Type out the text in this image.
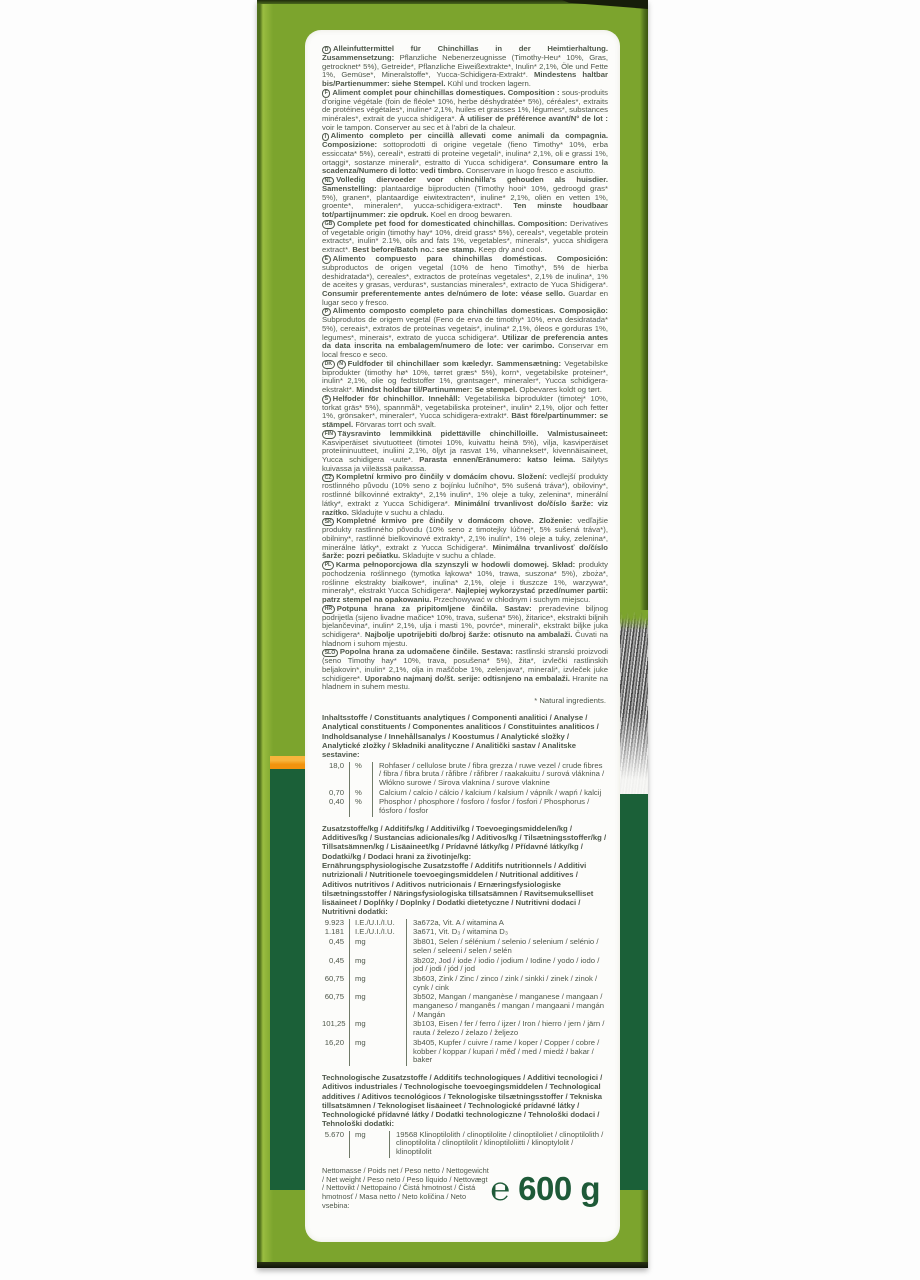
D Alleinfuttermittel für Chinchillas in der Heimtierhaltung. Zusammensetzung: Pflanzliche Nebenerzeugnisse (Timothy-Heu* 10%, Gras, getrocknet* 5%), Getreide*, Pflanzliche Eiweißextrakte*, Inulin* 2,1%, Öle und Fette 1%, Gemüse*, Mineralstoffe*, Yucca-Schidigera-Extrakt*. Mindestens haltbar bis/Partienummer: siehe Stempel. Kühl und trocken lagern.
F Aliment complet pour chinchillas domestiques. Composition : sous-produits d'origine végétale (foin de fléole* 10%, herbe déshydratée* 5%), céréales*, extraits de protéines végétales*, inuline* 2,1%, huiles et graisses 1%, légumes*, substances minérales*, extrait de yucca shidigera*. À utiliser de préférence avant/N° de lot : voir le tampon. Conserver au sec et à l'abri de la chaleur.
I Alimento completo per cincillà allevati come animali da compagnia. Composizione: sottoprodotti di origine vegetale (fieno Timothy* 10%, erba essiccata* 5%), cereali*, estratti di proteine vegetali*, inulina* 2,1%, oli e grassi 1%, ortaggi*, sostanze minerali*, estratto di Yucca schidigera*. Consumare entro la scadenza/Numero di lotto: vedi timbro. Conservare in luogo fresco e asciutto.
NL Volledig diervoeder voor chinchilla's gehouden als huisdier. Samenstelling: plantaardige bijproducten (Timothy hooi* 10%, gedroogd gras* 5%), granen*, plantaardige eiwitextracten*, inuline* 2,1%, oliën en vetten 1%, groente*, mineralen*, yucca-schidigera-extract*. Ten minste houdbaar tot/partijnummer: zie opdruk. Koel en droog bewaren.
GB Complete pet food for domesticated chinchillas. Composition: Derivatives of vegetable origin (timothy hay* 10%, dreid grass* 5%), cereals*, vegetable protein extracts*, inulin* 2.1%, oils and fats 1%, vegetables*, minerals*, yucca shidigera extract*. Best before/Batch no.: see stamp. Keep dry and cool.
E Alimento compuesto para chinchillas domésticas. Composición: subproductos de origen vegetal (10% de heno Timothy*, 5% de hierba deshidratada*), cereales*, extractos de proteínas vegetales*, 2,1% de inulina*, 1% de aceites y grasas, verduras*, sustancias minerales*, extracto de Yuca Shidigera*. Consumir preferentemente antes de/número de lote: véase sello. Guardar en lugar seco y fresco.
P Alimento composto completo para chinchillas domesticas. Composição: Subprodutos de origem vegetal (Feno de erva de timothy* 10%, erva desidratada* 5%), cereais*, extratos de proteínas vegetais*, inulina* 2,1%, óleos e gorduras 1%, legumes*, minerais*, extrato de yucca schidigera*. Utilizar de preferencia antes da data inscrita na embalagem/numero de lote: ver carimbo. Conservar em local fresco e seco.
DK N Fuldfoder til chinchillaer som kæledyr. Sammensætning: Vegetabilske biprodukter (timothy hø* 10%, tørret græs* 5%), korn*, vegetabilske proteiner*, inulin* 2,1%, olie og fedtstoffer 1%, grøntsager*, mineraler*, Yucca schidigera-ekstrakt*. Mindst holdbar til/Partinummer: Se stempel. Opbevares koldt og tørt.
S Helfoder för chinchillor. Innehåll: Vegetabiliska biprodukter (timotej* 10%, torkat gräs* 5%), spannmål*, vegetabiliska proteiner*, inulin* 2,1%, oljor och fetter 1%, grönsaker*, mineraler*, Yucca schidigera-extrakt*. Bäst före/partinummer: se stämpel. Förvaras torrt och svalt.
FIN Täysravinto lemmikkinä pidettäville chinchilloille. Valmistusaineet: Kasviperäiset sivutuotteet (timotei 10%, kuivattu heinä 5%), vilja, kasviperäiset proteiininuutteet, inuliini 2,1%, öljyt ja rasvat 1%, vihannekset*, kivennäisaineet, Yucca schidigera -uute*. Parasta ennen/Eränumero: katso leima. Säilytys kuivassa ja viileässä paikassa.
CZ Kompletní krmivo pro činčily v domácím chovu. Složení: vedlejší produkty rostlinného původu (10% seno z bojínku lučního*, 5% sušená tráva*), obiloviny*, rostlinné bílkovinné extrakty*, 2,1% inulin*, 1% oleje a tuky, zelenina*, minerální látky*, extrakt z Yucca Schidigera*. Minimální trvanlivost do/číslo šarže: viz razítko. Skladujte v suchu a chladu.
SK Kompletné krmivo pre činčily v domácom chove. Zloženie: vedľajšie produkty rastlinného pôvodu (10% seno z timotejky lúčnej*, 5% sušená tráva*), obilniny*, rastlinné bielkovinové extrakty*, 2,1% inulín*, 1% oleje a tuky, zelenina*, minerálne látky*, extrakt z Yucca Schidigera*. Minimálna trvanlivosť do/číslo šarže: pozri pečiatku. Skladujte v suchu a chlade.
PL Karma pełnoporcjowa dla szynszyli w hodowli domowej. Skład: produkty pochodzenia roślinnego (tymotka łąkowa* 10%, trawa, suszona* 5%), zboża*, roślinne ekstrakty białkowe*, inulina* 2,1%, oleje i tłuszcze 1%, warzywa*, minerały*, ekstrakt Yucca Schidigera*. Najlepiej wykorzystać przed/numer partii: patrz stempel na opakowaniu. Przechowywać w chłodnym i suchym miejscu.
HR Potpuna hrana za pripitomljene činčila. Sastav: preradevine biljnog podrijetla (sijeno livadne mačice* 10%, trava, sušena* 5%), žitarice*, ekstrakti biljnih bjelančevina*, inulin* 2,1%, ulja i masti 1%, povrće*, minerali*, ekstrakt biljke juka schidigera*. Najbolje upotrijebiti do/broj šarže: otisnuto na ambalaži. Čuvati na hladnom i suhom mjestu.
SLO Popolna hrana za udomačene činčile. Sestava: rastlinski stranski proizvodi (seno Timothy hay* 10%, trava, posušena* 5%), žita*, izvlečki rastlinskih beljakovin*, inulin* 2,1%, olja in maščobe 1%, zelenjava*, minerali*, izvleček juke schidigere*. Uporabno najmanj do/št. serije: odtisnjeno na embalaži. Hranite na hladnem in suhem mestu.
* Natural ingredients.
Inhaltsstoffe / Constituants analytiques / Componenti analitici / Analyse / Analytical constituents / Componentes analiticos / Constituintes analiticos / Indholdsanalyse / Innehållsanalys / Koostumus / Analytické složky / Analytické zložky / Składniki analityczne / Analitički sastav / Analitske sestavine:
18,0	%	Rohfaser / cellulose brute / fibra grezza / ruwe vezel / crude fibres / fibra / fibra bruta / råfibre / råfibrer / raakakuitu / surová vláknina / Włókno surowe / Sirova vlaknina / surove vlaknine
0,70	%	Calcium / calcio / cálcio / kalcium / kalsium / vápník / wapń / kalcij
0,40	%	Phosphor / phosphore / fosforo / fosfor / fosfori / Phosphorus / fósforo / fosfor
Zusatzstoffe/kg / Additifs/kg / Additivi/kg / Toevoegingsmiddelen/kg / Additives/kg / Sustancias adicionales/kg / Aditivos/kg / Tilsætningsstoffer/kg / Tillsatsämnen/kg / Lisäaineet/kg / Prídavné látky/kg / Přídavné látky/kg / Dodatki/kg / Dodaci hrani za životinje/kg:
Ernährungsphysiologische Zusatzstoffe / Additifs nutritionnels / Additivi nutrizionali / Nutritionele toevoegingsmiddelen / Nutritional additives / Aditivos nutritivos / Aditivos nutricionais / Ernæringsfysiologiske tilsætningsstoffer / Näringsfysiologiska tillsatsämnen / Ravitsemukselliset lisäaineet / Doplňky / Doplnky / Dodatki dietetyczne / Nutritivni dodaci / Nutritivni dodatki:
9.923	I.E./U.I./I.U.	3a672a, Vit. A / witamina A
1.181	I.E./U.I./I.U.	3a671, Vit. D₃ / witamina D₃
0,45	mg	3b801, Selen / sélénium / selenio / selenium / selénio / selen / seleeni / selen / selén
0,45	mg	3b202, Jod / iode / iodio / jodium / Iodine / yodo / iodo / jod / jodi / jód / jod
60,75	mg	3b603, Zink / Zinc / zinco / zink / sinkki / zinek / zinok / cynk / cink
60,75	mg	3b502, Mangan / manganèse / manganese / mangaan / manganeso / manganês / mangan / mangaani / mangán / Mangán
101,25	mg	3b103, Eisen / fer / ferro / ijzer / Iron / hierro / jern / järn / rauta / železo / żelazo / željezo
16,20	mg	3b405, Kupfer / cuivre / rame / koper / Copper / cobre / kobber / koppar / kupari / měď / med / miedź / bakar / baker
Technologische Zusatzstoffe / Additifs technologiques / Additivi tecnologici / Aditivos industriales / Technologische toevoegingsmiddelen / Technological additives / Aditivos tecnológicos / Teknologiske tilsætningsstoffer / Tekniska tillsatsämnen / Teknologiset lisäaineet / Technologické prídavné látky / Technologické přídavné látky / Dodatki technologiczne / Tehnološki dodaci / Tehnološki dodatki:
5.670	mg	19568 Klinoptilolith / clinoptilolite / clinoptiloliet / clinoptilolith / clinoptilolita / clinoptilolit / klinoptiloliitti / klinoptylolit / klinoptilolit
Nettomasse / Poids net / Peso netto / Nettogewicht / Net weight / Peso neto / Peso líquido / Nettovægt / Nettovikt / Nettopaino / Čistá hmotnost / Čistá hmotnosť / Masa netto / Neto količina / Neto vsebina:	℮ 600 g
